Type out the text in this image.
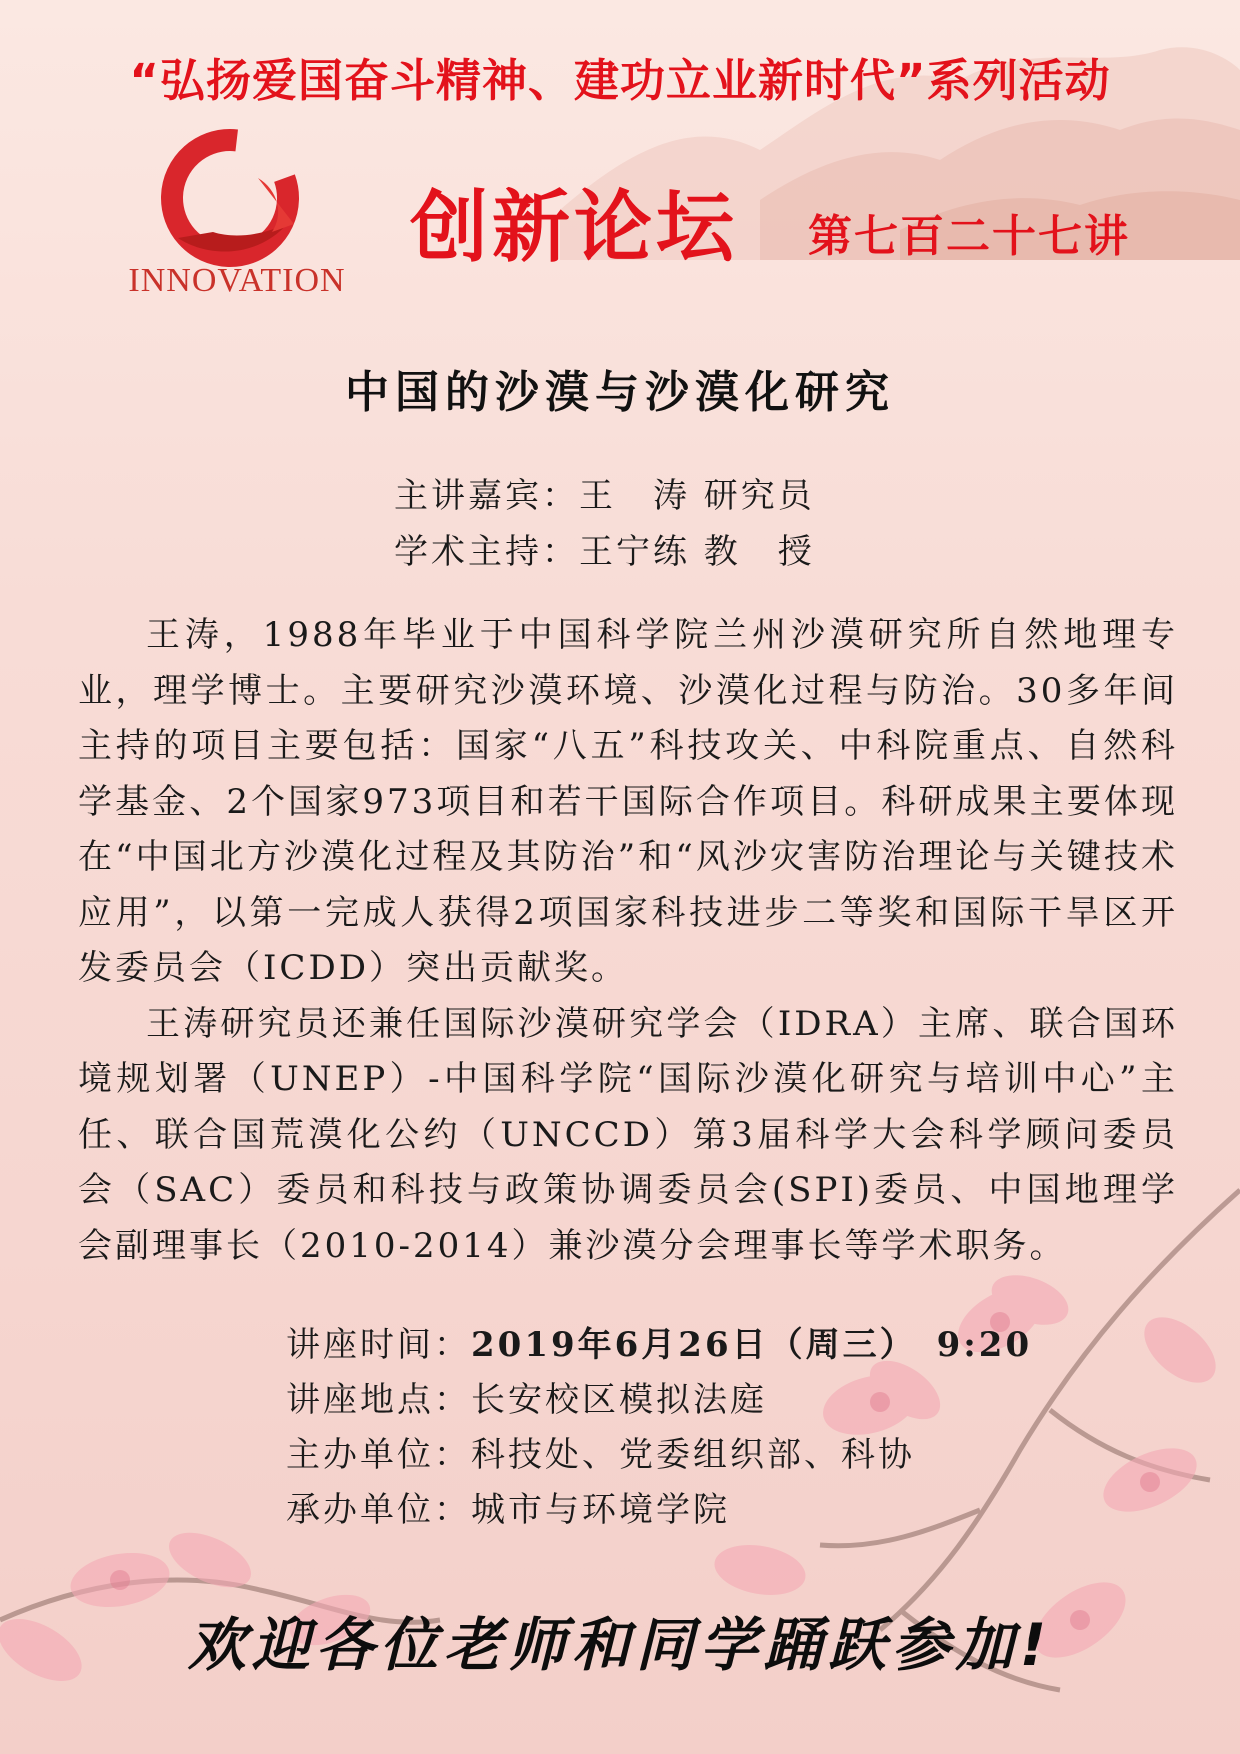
“弘扬爱国奋斗精神、建功立业新时代”系列活动
INNOVATION
创新论坛 第七百二十七讲
中国的沙漠与沙漠化研究
主讲嘉宾：王　涛 研究员
学术主持：王宁练 教　授

王涛，1988年毕业于中国科学院兰州沙漠研究所自然地理专业，理学博士。主要研究沙漠环境、沙漠化过程与防治。30多年间主持的项目主要包括：国家“八五”科技攻关、中科院重点、自然科学基金、2个国家973项目和若干国际合作项目。科研成果主要体现在“中国北方沙漠化过程及其防治”和“风沙灾害防治理论与关键技术应用”，以第一完成人获得2项国家科技进步二等奖和国际干旱区开发委员会（ICDD）突出贡献奖。

王涛研究员还兼任国际沙漠研究学会（IDRA）主席、联合国环境规划署（UNEP）-中国科学院“国际沙漠化研究与培训中心”主任、联合国荒漠化公约（UNCCD）第3届科学大会科学顾问委员会（SAC）委员和科技与政策协调委员会(SPI)委员、中国地理学会副理事长（2010-2014）兼沙漠分会理事长等学术职务。

讲座时间：2019年6月26日（周三）　9:20
讲座地点：长安校区模拟法庭
主办单位：科技处、党委组织部、科协
承办单位：城市与环境学院
欢迎各位老师和同学踊跃参加!
